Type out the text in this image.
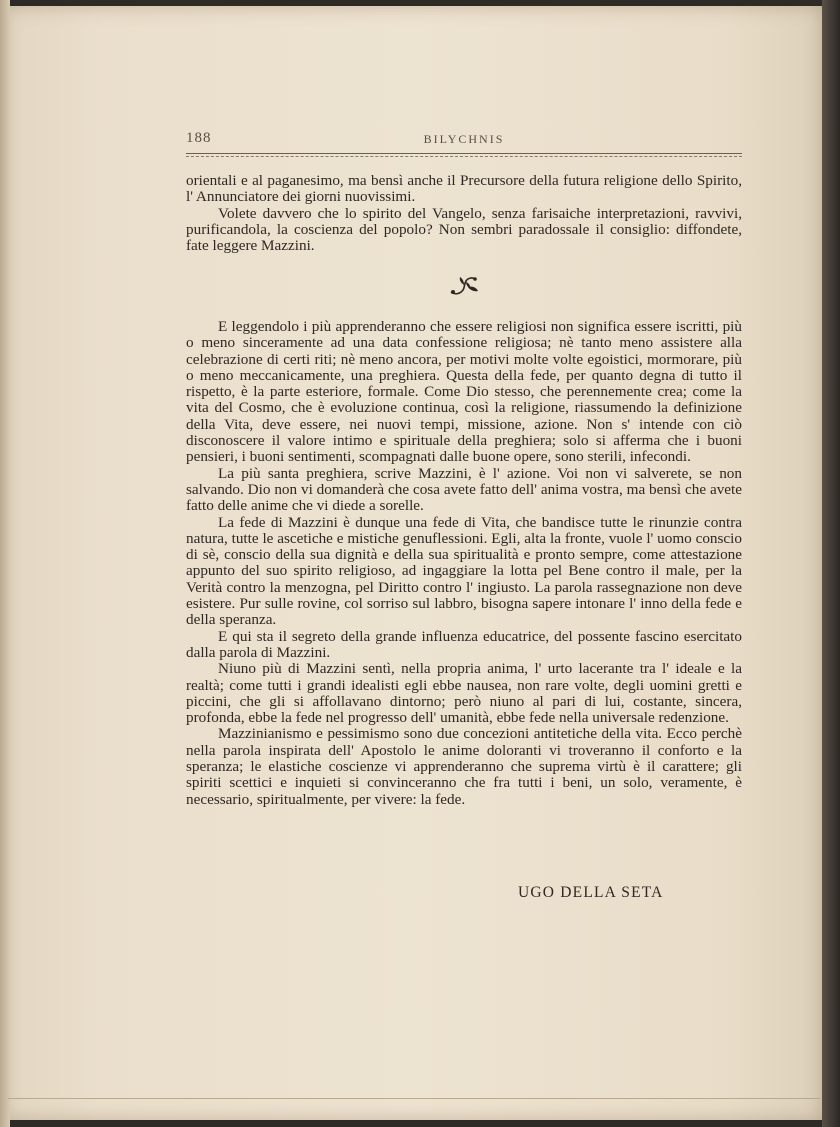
188	BILYCHNIS

orientali e al paganesimo, ma bensì anche il Precursore della futura religione dello Spirito, l' Annunciatore dei giorni nuovissimi.

Volete davvero che lo spirito del Vangelo, senza farisaiche interpretazioni, ravvivi, purificandola, la coscienza del popolo? Non sembri paradossale il consiglio: diffondete, fate leggere Mazzini.

E leggendolo i più apprenderanno che essere religiosi non significa essere iscritti, più o meno sinceramente ad una data confessione religiosa; nè tanto meno assistere alla celebrazione di certi riti; nè meno ancora, per motivi molte volte egoistici, mormorare, più o meno meccanicamente, una preghiera. Questa della fede, per quanto degna di tutto il rispetto, è la parte esteriore, formale. Come Dio stesso, che perennemente crea; come la vita del Cosmo, che è evoluzione continua, così la religione, riassumendo la definizione della Vita, deve essere, nei nuovi tempi, missione, azione. Non s' intende con ciò disconoscere il valore intimo e spirituale della preghiera; solo si afferma che i buoni pensieri, i buoni sentimenti, scompagnati dalle buone opere, sono sterili, infecondi.

La più santa preghiera, scrive Mazzini, è l' azione. Voi non vi salverete, se non salvando. Dio non vi domanderà che cosa avete fatto dell' anima vostra, ma bensì che avete fatto delle anime che vi diede a sorelle.

La fede di Mazzini è dunque una fede di Vita, che bandisce tutte le rinunzie contra natura, tutte le ascetiche e mistiche genuflessioni. Egli, alta la fronte, vuole l' uomo conscio di sè, conscio della sua dignità e della sua spiritualità e pronto sempre, come attestazione appunto del suo spirito religioso, ad ingaggiare la lotta pel Bene contro il male, per la Verità contro la menzogna, pel Diritto contro l' ingiusto. La parola rassegnazione non deve esistere. Pur sulle rovine, col sorriso sul labbro, bisogna sapere intonare l' inno della fede e della speranza.

E qui sta il segreto della grande influenza educatrice, del possente fascino esercitato dalla parola di Mazzini.

Niuno più di Mazzini sentì, nella propria anima, l' urto lacerante tra l' ideale e la realtà; come tutti i grandi idealisti egli ebbe nausea, non rare volte, degli uomini gretti e piccini, che gli si affollavano dintorno; però niuno al pari di lui, costante, sincera, profonda, ebbe la fede nel progresso dell' umanità, ebbe fede nella universale redenzione.

Mazzinianismo e pessimismo sono due concezioni antitetiche della vita. Ecco perchè nella parola inspirata dell' Apostolo le anime doloranti vi troveranno il conforto e la speranza; le elastiche coscienze vi apprenderanno che suprema virtù è il carattere; gli spiriti scettici e inquieti si convinceranno che fra tutti i beni, un solo, veramente, è necessario, spiritualmente, per vivere: la fede.

UGO DELLA SETA
